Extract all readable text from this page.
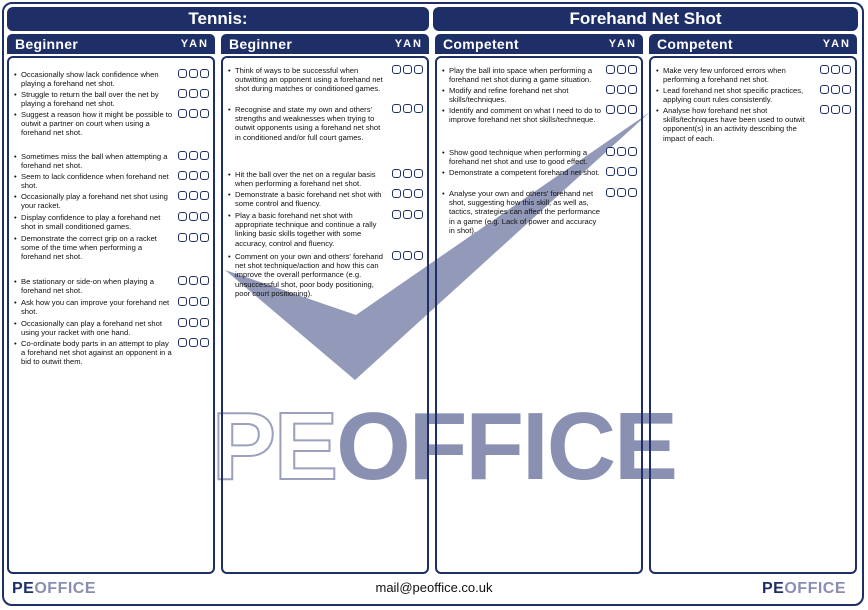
Tennis:	Forehand Net Shot
PEOFFICE
Beginner	YAN
• Occasionally show lack confidence when playing a forehand net shot.
• Struggle to return the ball over the net by playing a forehand net shot.
• Suggest a reason how it might be possible to outwit a partner on court when using a forehand net shot.
• Sometimes miss the ball when attempting a forehand net shot.
• Seem to lack confidence when forehand net shot.
• Occasionally play a forehand net shot using your racket.
• Display confidence to play a forehand net shot in small conditioned games.
• Demonstrate the correct grip on a racket some of the time when performing a forehand net shot.
• Be stationary or side-on when playing a forehand net shot.
• Ask how you can improve your forehand net shot.
• Occasionally can play a forehand net shot using your racket with one hand.
• Co-ordinate body parts in an attempt to play a forehand net shot against an opponent in a bid to outwit them.
Beginner	YAN
• Think of ways to be successful when outwitting an opponent using a forehand net shot during matches or conditioned games.
• Recognise and state my own and others' strengths and weaknesses when trying to outwit opponents using a forehand net shot in conditioned and/or full court games.
• Hit the ball over the net on a regular basis when performing a forehand net shot.
• Demonstrate a basic forehand net shot with some control and fluency.
• Play a basic forehand net shot with appropriate technique and continue a rally linking basic skills together with some accuracy, control and fluency.
• Comment on your own and others' forehand net shot technique/action and how this can improve the overall performance (e.g. unsuccessful shot, poor body positioning, poor court positioning).
Competent	YAN
• Play the ball into space when performing a forehand net shot during a game situation.
• Modify and refine forehand net shot skills/techniques.
• Identify and comment on what I need to do to improve forehand net shot skills/techneque.
• Show good technique when performing a forehand net shot and use to good effect.
• Demonstrate a competent forehand net shot.
• Analyse your own and others' forehand net shot, suggesting how this skill, as well as, tactics, strategies can affect the performance in a game (e.g. Lack of power and accuracy in shot).
Competent	YAN
• Make very few unforced errors when performing a forehand net shot.
• Lead forehand net shot specific practices, applying court rules consistently.
• Analyse how forehand net shot skills/techniques have been used to outwit opponent(s) in an activity describing the impact of each.
mail@peoffice.co.uk
PEOFFICE	PEOFFICE
